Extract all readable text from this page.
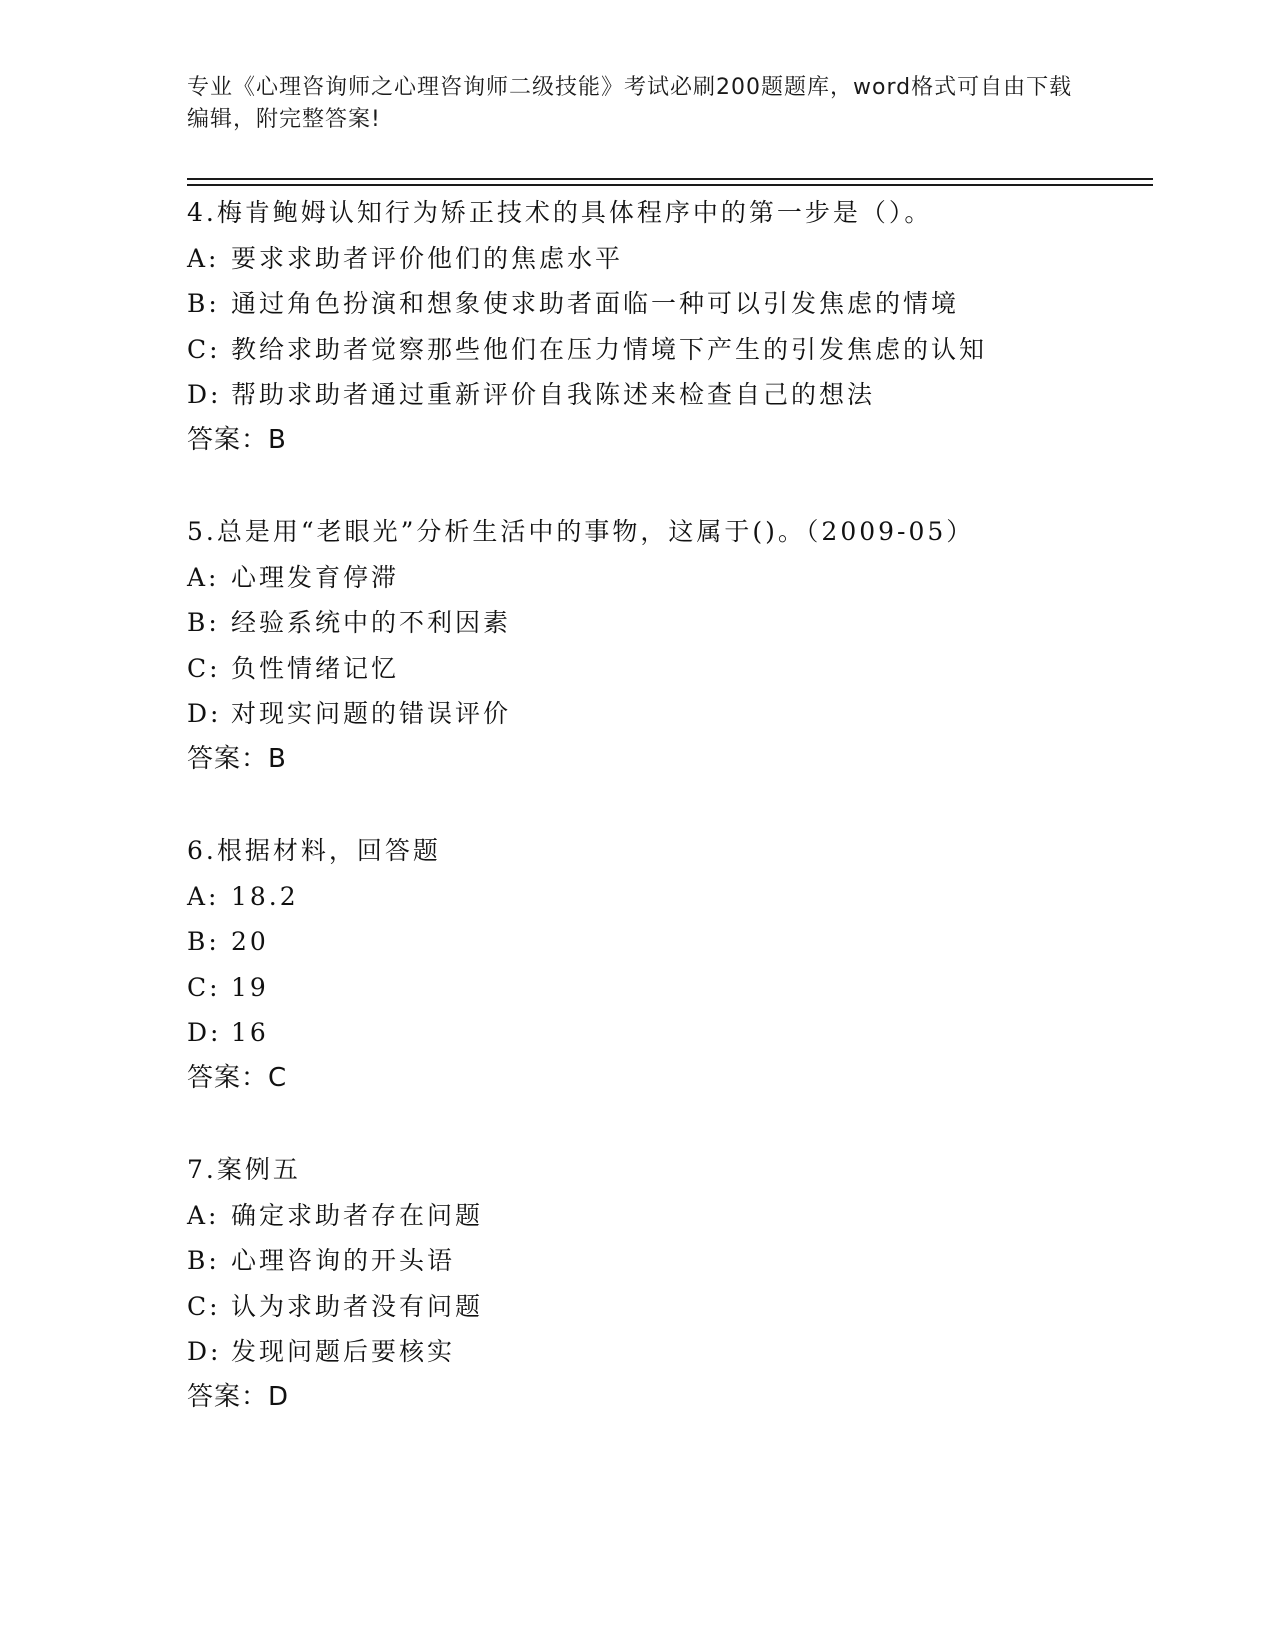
专业《心理咨询师之心理咨询师二级技能》考试必刷200题题库，word格式可自由下载编辑，附完整答案!
4.梅肯鲍姆认知行为矫正技术的具体程序中的第一步是（）。
A: 要求求助者评价他们的焦虑水平
B: 通过角色扮演和想象使求助者面临一种可以引发焦虑的情境
C: 教给求助者觉察那些他们在压力情境下产生的引发焦虑的认知
D: 帮助求助者通过重新评价自我陈述来检查自己的想法
答案：B
5.总是用“老眼光”分析生活中的事物，这属于()。（2009-05）
A: 心理发育停滞
B: 经验系统中的不利因素
C: 负性情绪记忆
D: 对现实问题的错误评价
答案：B
6.根据材料，回答题
A: 18.2
B: 20
C: 19
D: 16
答案：C
7.案例五
A: 确定求助者存在问题
B: 心理咨询的开头语
C: 认为求助者没有问题
D: 发现问题后要核实
答案：D
